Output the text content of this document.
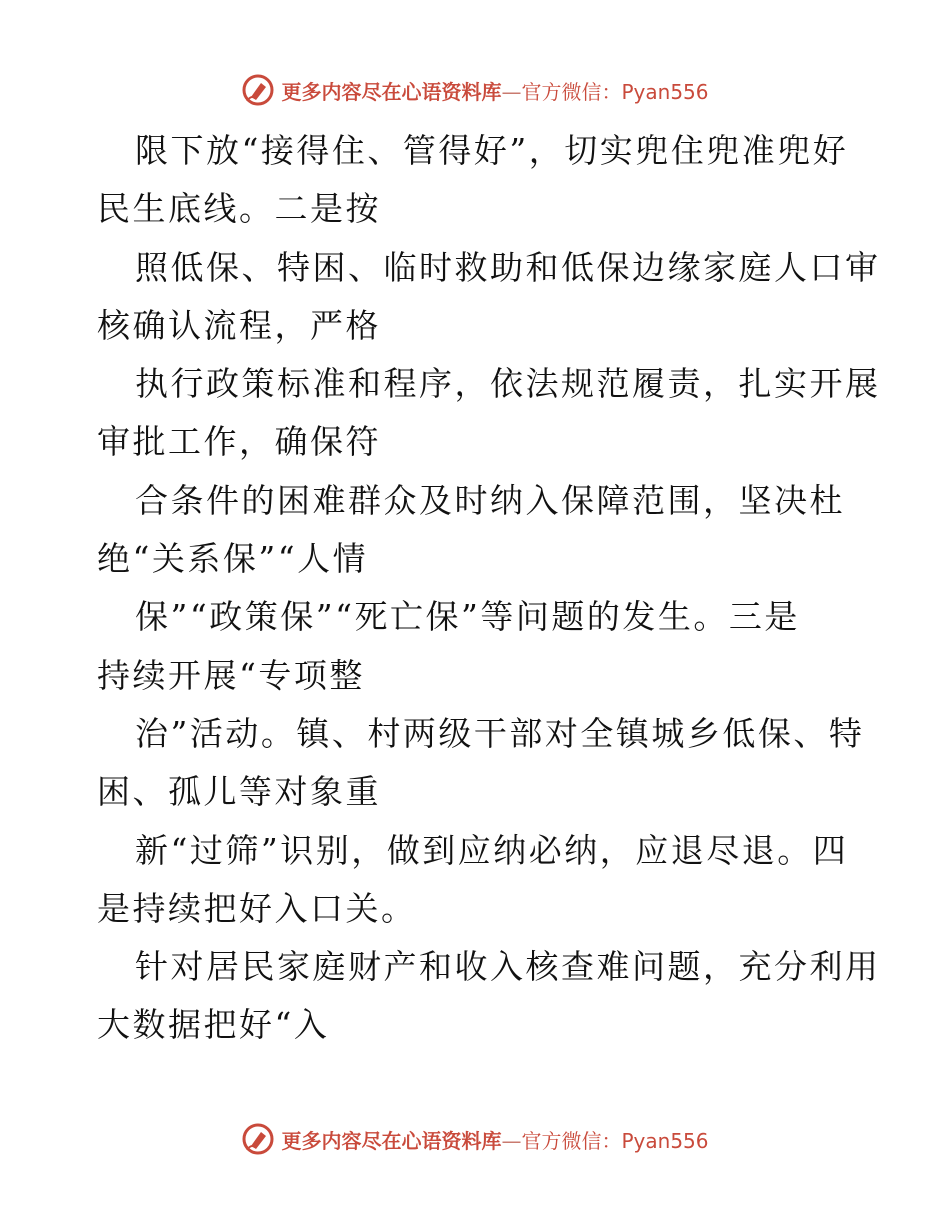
更多内容尽在心语资料库—官方微信：Pyan556
限下放“接得住、管得好”，切实兜住兜准兜好
民生底线。二是按
照低保、特困、临时救助和低保边缘家庭人口审
核确认流程，严格
执行政策标准和程序，依法规范履责，扎实开展
审批工作，确保符
合条件的困难群众及时纳入保障范围，坚决杜
绝“关系保”“人情
保”“政策保”“死亡保”等问题的发生。三是
持续开展“专项整
治”活动。镇、村两级干部对全镇城乡低保、特
困、孤儿等对象重
新“过筛”识别，做到应纳必纳，应退尽退。四
是持续把好入口关。
针对居民家庭财产和收入核查难问题，充分利用
大数据把好“入
更多内容尽在心语资料库—官方微信：Pyan556
